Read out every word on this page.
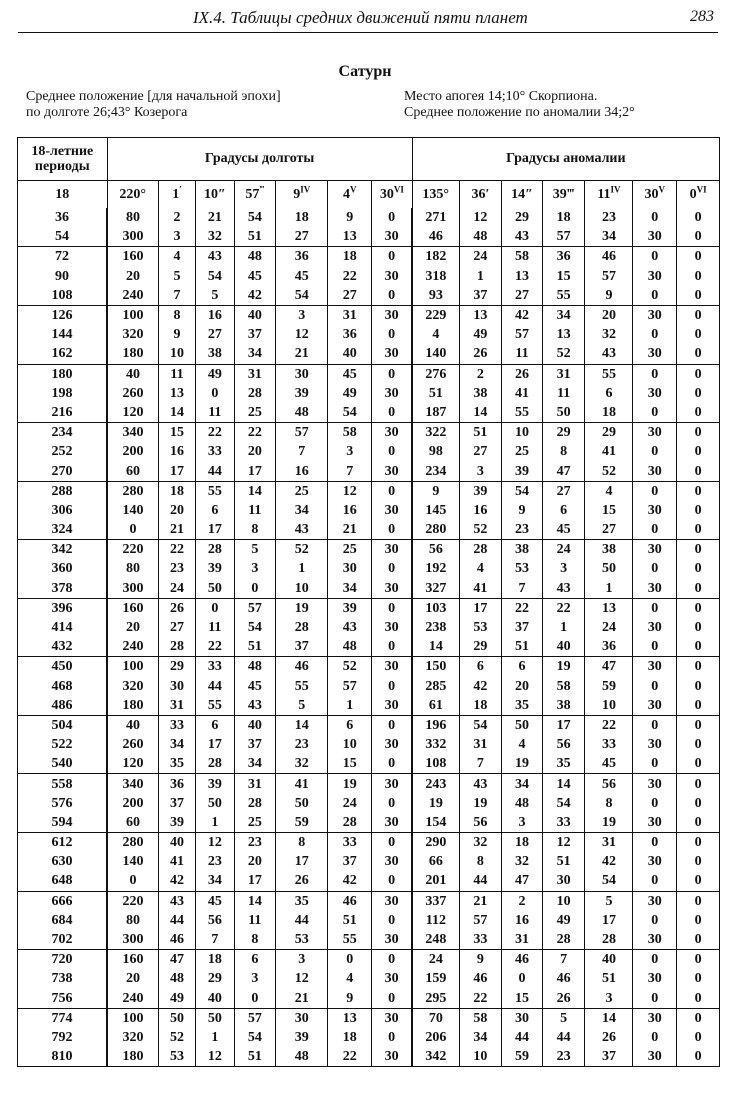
IX.4. Таблицы средних движений пяти планет	283
Сатурн
Среднее положение [для начальной эпохи]
по долготе 26;43° Козерога
Место апогея 14;10° Скорпиона.
Среднее положение по аномалии 34;2°
18-летние
периоды	Градусы долготы							Градусы аномалии						
18	220°	1′	10″	57‴	$9^{IV}$	$4^V$	$30^{VI}$	135°	36′	14″	39‴	$11^{IV}$	$30^V$	$0^{VI}$
36	80	2	21	54	18	9	0	271	12	29	18	23	0	0
54	300	3	32	51	27	13	30	46	48	43	57	34	30	0
72	160	4	43	48	36	18	0	182	24	58	36	46	0	0
90	20	5	54	45	45	22	30	318	1	13	15	57	30	0
108	240	7	5	42	54	27	0	93	37	27	55	9	0	0
126	100	8	16	40	3	31	30	229	13	42	34	20	30	0
144	320	9	27	37	12	36	0	4	49	57	13	32	0	0
162	180	10	38	34	21	40	30	140	26	11	52	43	30	0
180	40	11	49	31	30	45	0	276	2	26	31	55	0	0
198	260	13	0	28	39	49	30	51	38	41	11	6	30	0
216	120	14	11	25	48	54	0	187	14	55	50	18	0	0
234	340	15	22	22	57	58	30	322	51	10	29	29	30	0
252	200	16	33	20	7	3	0	98	27	25	8	41	0	0
270	60	17	44	17	16	7	30	234	3	39	47	52	30	0
288	280	18	55	14	25	12	0	9	39	54	27	4	0	0
306	140	20	6	11	34	16	30	145	16	9	6	15	30	0
324	0	21	17	8	43	21	0	280	52	23	45	27	0	0
342	220	22	28	5	52	25	30	56	28	38	24	38	30	0
360	80	23	39	3	1	30	0	192	4	53	3	50	0	0
378	300	24	50	0	10	34	30	327	41	7	43	1	30	0
396	160	26	0	57	19	39	0	103	17	22	22	13	0	0
414	20	27	11	54	28	43	30	238	53	37	1	24	30	0
432	240	28	22	51	37	48	0	14	29	51	40	36	0	0
450	100	29	33	48	46	52	30	150	6	6	19	47	30	0
468	320	30	44	45	55	57	0	285	42	20	58	59	0	0
486	180	31	55	43	5	1	30	61	18	35	38	10	30	0
504	40	33	6	40	14	6	0	196	54	50	17	22	0	0
522	260	34	17	37	23	10	30	332	31	4	56	33	30	0
540	120	35	28	34	32	15	0	108	7	19	35	45	0	0
558	340	36	39	31	41	19	30	243	43	34	14	56	30	0
576	200	37	50	28	50	24	0	19	19	48	54	8	0	0
594	60	39	1	25	59	28	30	154	56	3	33	19	30	0
612	280	40	12	23	8	33	0	290	32	18	12	31	0	0
630	140	41	23	20	17	37	30	66	8	32	51	42	30	0
648	0	42	34	17	26	42	0	201	44	47	30	54	0	0
666	220	43	45	14	35	46	30	337	21	2	10	5	30	0
684	80	44	56	11	44	51	0	112	57	16	49	17	0	0
702	300	46	7	8	53	55	30	248	33	31	28	28	30	0
720	160	47	18	6	3	0	0	24	9	46	7	40	0	0
738	20	48	29	3	12	4	30	159	46	0	46	51	30	0
756	240	49	40	0	21	9	0	295	22	15	26	3	0	0
774	100	50	50	57	30	13	30	70	58	30	5	14	30	0
792	320	52	1	54	39	18	0	206	34	44	44	26	0	0
810	180	53	12	51	48	22	30	342	10	59	23	37	30	0
